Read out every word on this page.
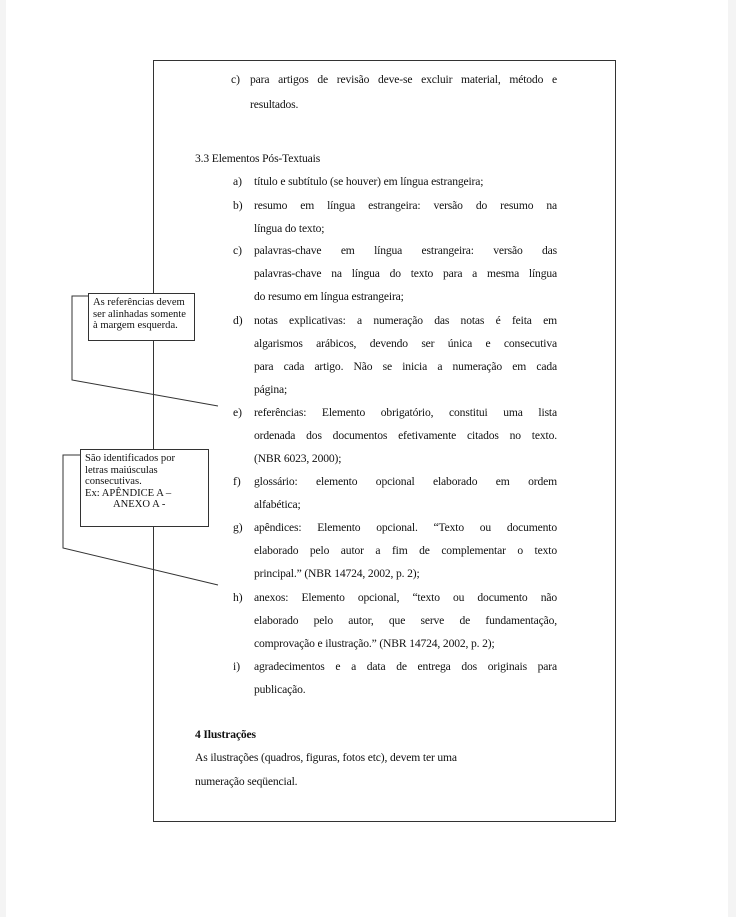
c) para artigos de revisão deve-se excluir material, método e
resultados.
3.3 Elementos Pós-Textuais
a) título e subtítulo (se houver) em língua estrangeira;
b) resumo em língua estrangeira: versão do resumo na
língua do texto;
c) palavras-chave em língua estrangeira: versão das
palavras-chave na língua do texto para a mesma língua
do resumo em língua estrangeira;
d) notas explicativas: a numeração das notas é feita em
algarismos arábicos, devendo ser única e consecutiva
para cada artigo. Não se inicia a numeração em cada
página;
e) referências: Elemento obrigatório, constitui uma lista
ordenada dos documentos efetivamente citados no texto.
(NBR 6023, 2000);
f) glossário: elemento opcional elaborado em ordem
alfabética;
g) apêndices: Elemento opcional. “Texto ou documento
elaborado pelo autor a fim de complementar o texto
principal.” (NBR 14724, 2002, p. 2);
h) anexos: Elemento opcional, “texto ou documento não
elaborado pelo autor, que serve de fundamentação,
comprovação e ilustração.” (NBR 14724, 2002, p. 2);
i) agradecimentos e a data de entrega dos originais para
publicação.
4 Ilustrações
As ilustrações (quadros, figuras, fotos etc), devem ter uma
numeração seqüencial.
As referências devem
ser alinhadas somente
à margem esquerda.
São identificados por
letras maiúsculas
consecutivas.
Ex: APÊNDICE A –
ANEXO A -
